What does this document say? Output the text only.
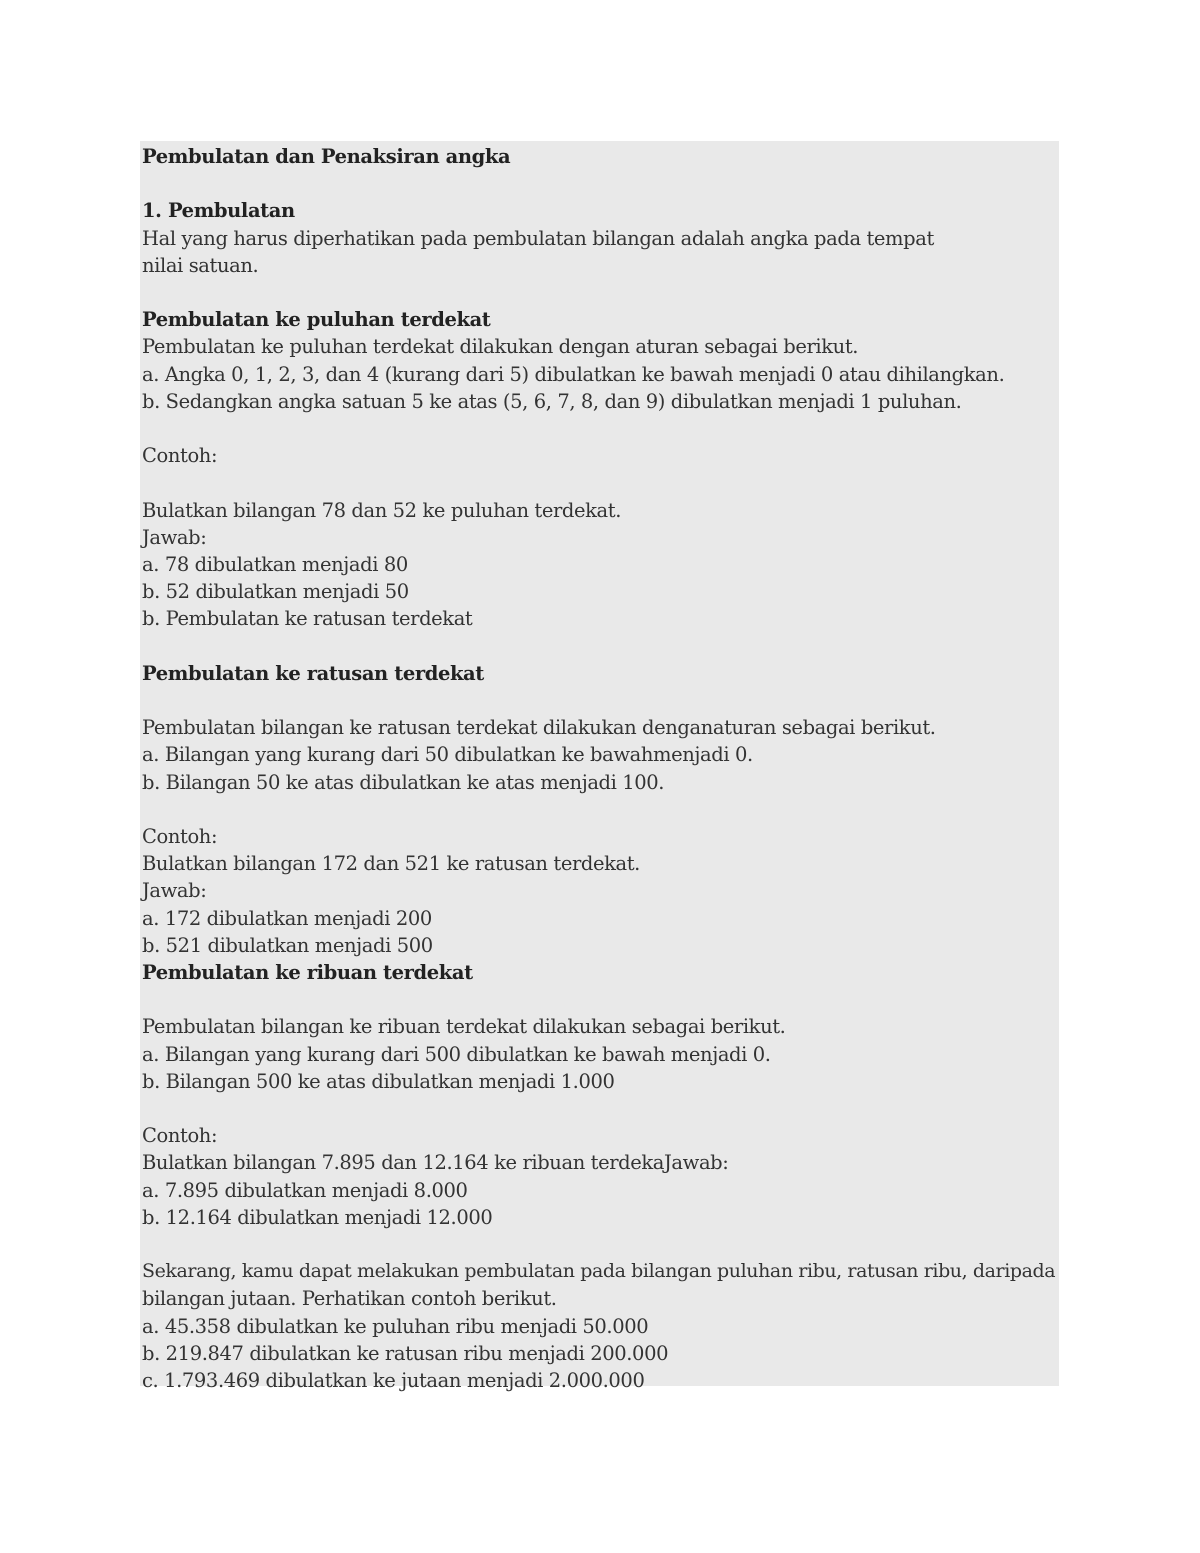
Pembulatan dan Penaksiran angka
1. Pembulatan
Hal yang harus diperhatikan pada pembulatan bilangan adalah angka pada tempat
nilai satuan.
Pembulatan ke puluhan terdekat
Pembulatan ke puluhan terdekat dilakukan dengan aturan sebagai berikut.
a. Angka 0, 1, 2, 3, dan 4 (kurang dari 5) dibulatkan ke bawah menjadi 0 atau dihilangkan.
b. Sedangkan angka satuan 5 ke atas (5, 6, 7, 8, dan 9) dibulatkan menjadi 1 puluhan.
Contoh:
Bulatkan bilangan 78 dan 52 ke puluhan terdekat.
Jawab:
a. 78 dibulatkan menjadi 80
b. 52 dibulatkan menjadi 50
b. Pembulatan ke ratusan terdekat
Pembulatan ke ratusan terdekat
Pembulatan bilangan ke ratusan terdekat dilakukan denganaturan sebagai berikut.
a. Bilangan yang kurang dari 50 dibulatkan ke bawahmenjadi 0.
b. Bilangan 50 ke atas dibulatkan ke atas menjadi 100.
Contoh:
Bulatkan bilangan 172 dan 521 ke ratusan terdekat.
Jawab:
a. 172 dibulatkan menjadi 200
b. 521 dibulatkan menjadi 500
Pembulatan ke ribuan terdekat
Pembulatan bilangan ke ribuan terdekat dilakukan sebagai berikut.
a. Bilangan yang kurang dari 500 dibulatkan ke bawah menjadi 0.
b. Bilangan 500 ke atas dibulatkan menjadi 1.000
Contoh:
Bulatkan bilangan 7.895 dan 12.164 ke ribuan terdekaJawab:
a. 7.895 dibulatkan menjadi 8.000
b. 12.164 dibulatkan menjadi 12.000
Sekarang, kamu dapat melakukan pembulatan pada bilangan puluhan ribu, ratusan ribu, daripada
bilangan jutaan. Perhatikan contoh berikut.
a. 45.358 dibulatkan ke puluhan ribu menjadi 50.000
b. 219.847 dibulatkan ke ratusan ribu menjadi 200.000
c. 1.793.469 dibulatkan ke jutaan menjadi 2.000.000
